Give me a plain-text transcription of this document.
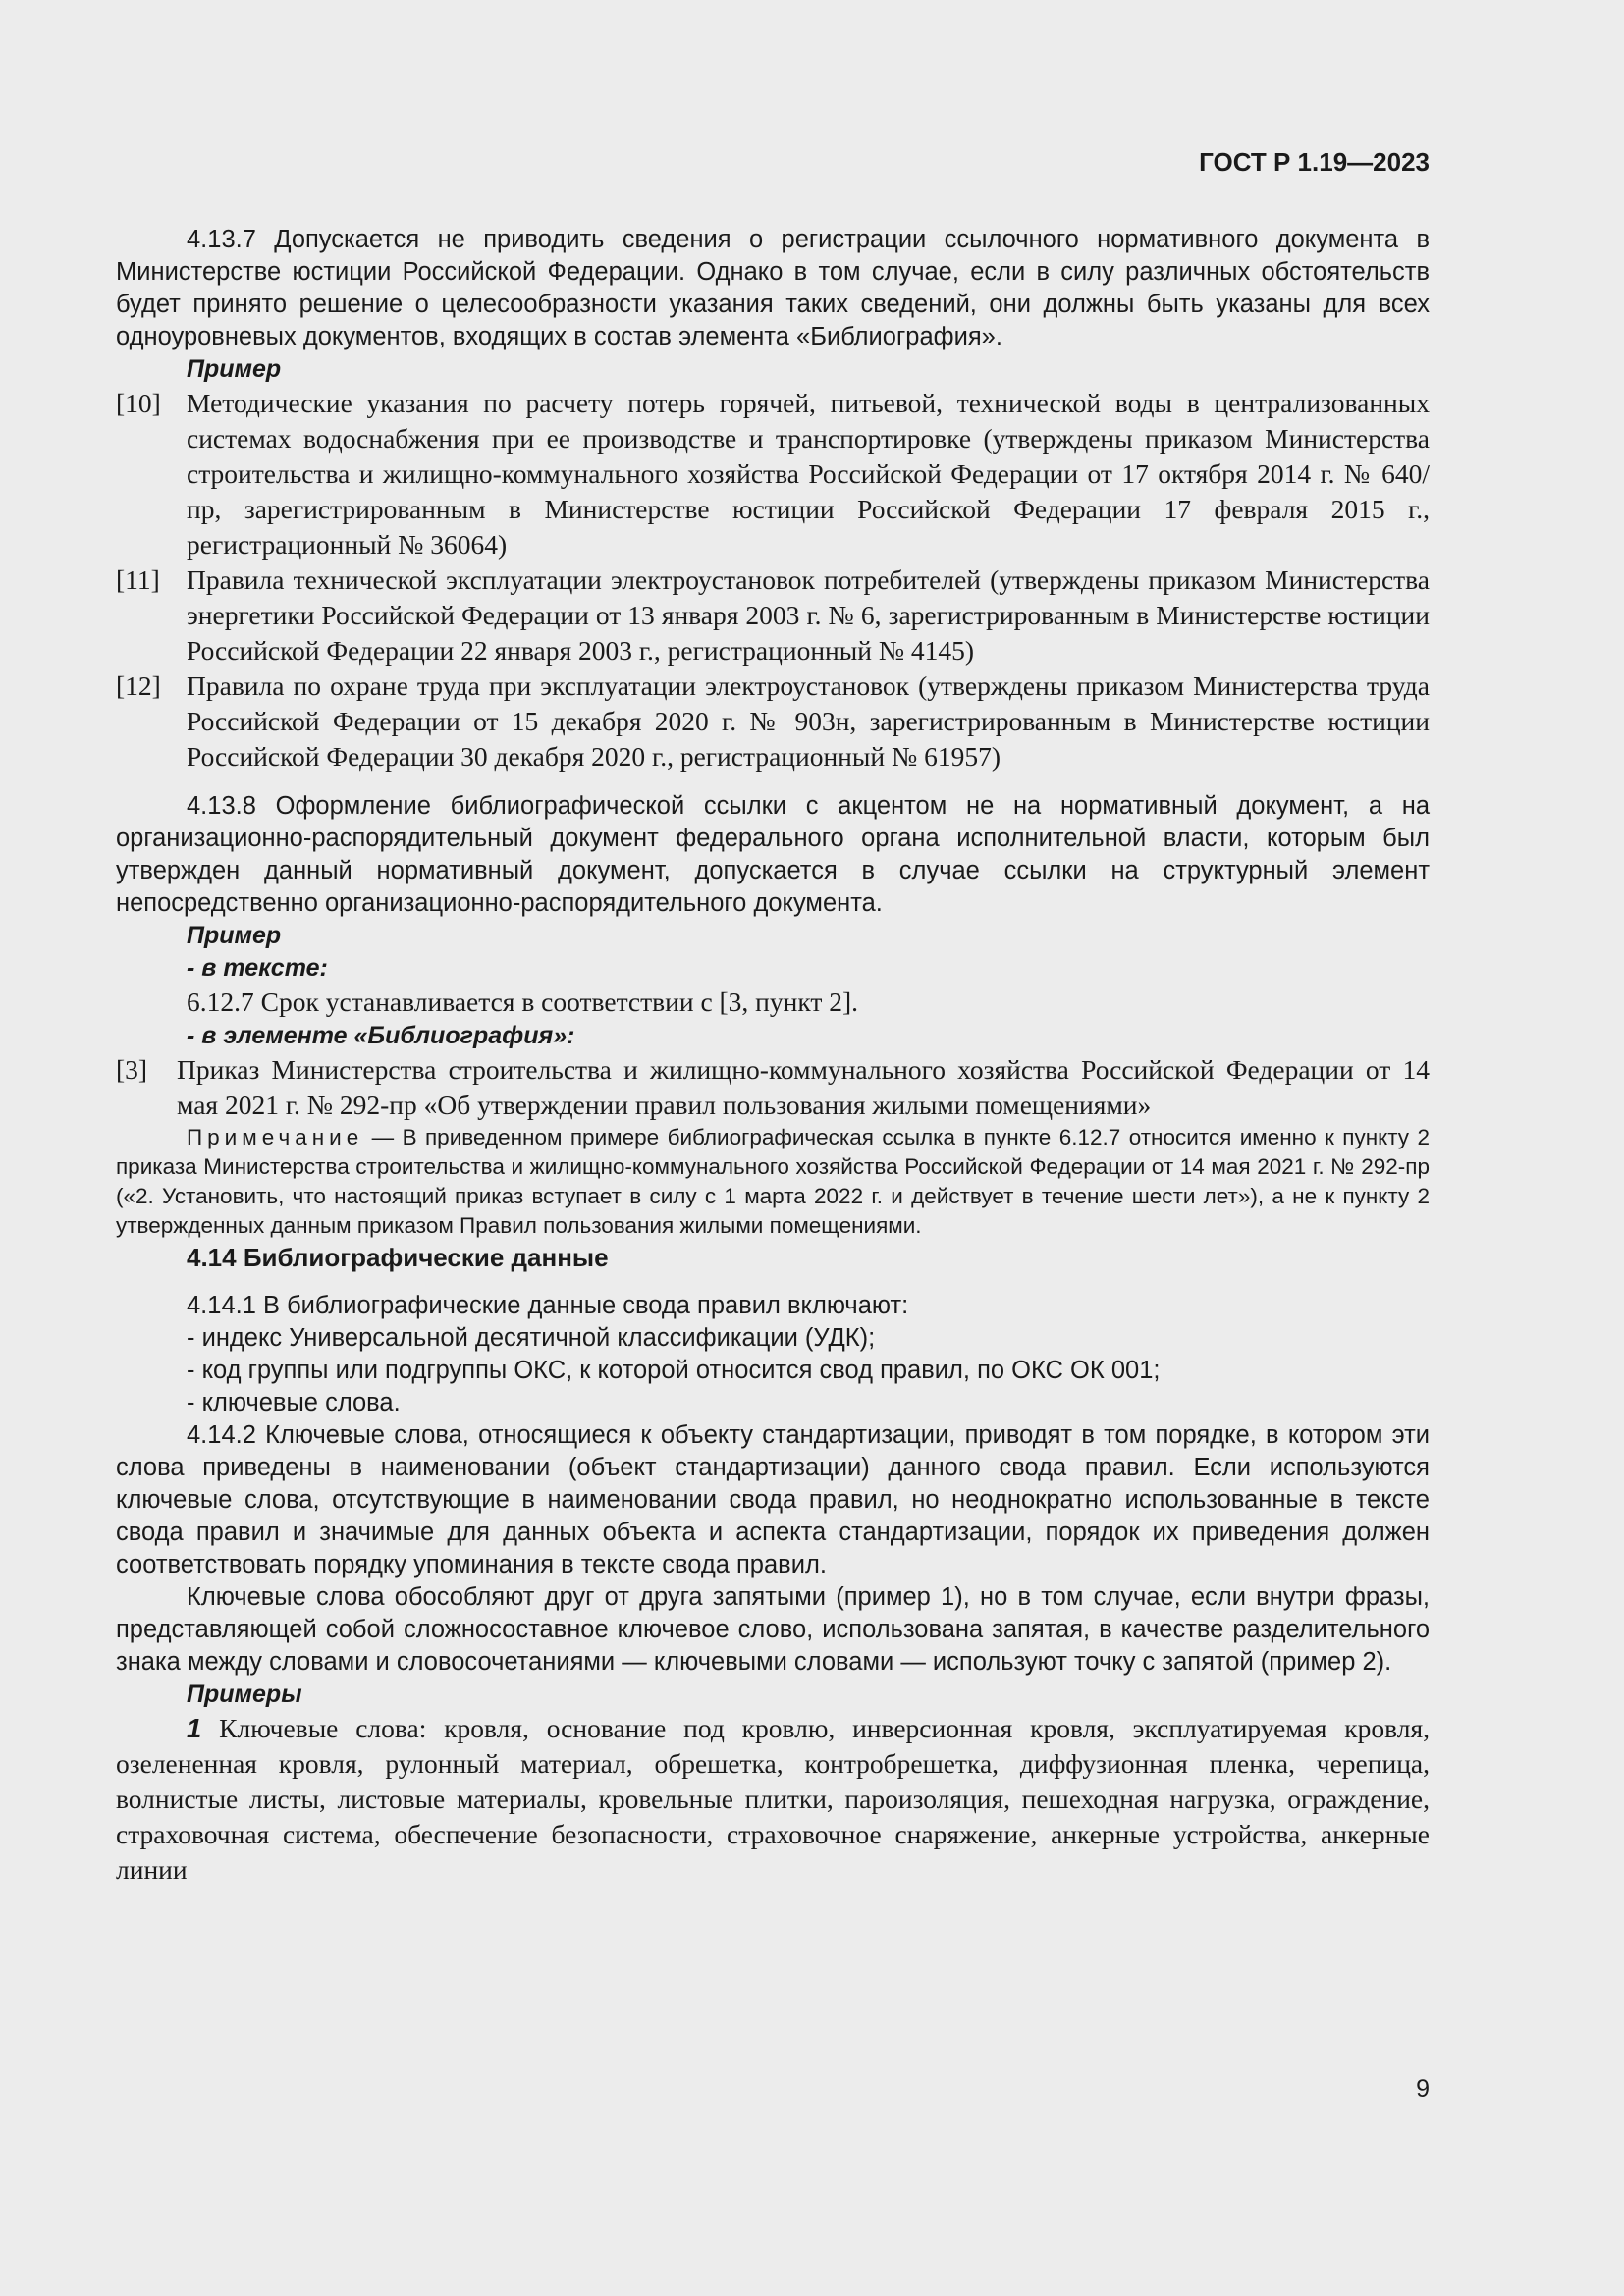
ГОСТ Р 1.19—2023

4.13.7 Допускается не приводить сведения о регистрации ссылочного нормативного документа в Министерстве юстиции Российской Федерации. Однако в том случае, если в силу различных обстоятельств будет принято решение о целесообразности указания таких сведений, они должны быть указаны для всех одноуровневых документов, входящих в состав элемента «Библиография».

Пример

[10] Методические указания по расчету потерь горячей, питьевой, технической воды в централизованных системах водоснабжения при ее производстве и транспортировке (утверждены приказом Министерства строительства и жилищно-коммунального хозяйства Российской Федерации от 17 октября 2014 г. № 640/пр, зарегистрированным в Министерстве юстиции Российской Федерации 17 февраля 2015 г., регистрационный № 36064)
[11] Правила технической эксплуатации электроустановок потребителей (утверждены приказом Министерства энергетики Российской Федерации от 13 января 2003 г. № 6, зарегистрированным в Министерстве юстиции Российской Федерации 22 января 2003 г., регистрационный № 4145)
[12] Правила по охране труда при эксплуатации электроустановок (утверждены приказом Министерства труда Российской Федерации от 15 декабря 2020 г. № 903н, зарегистрированным в Министерстве юстиции Российской Федерации 30 декабря 2020 г., регистрационный № 61957)

4.13.8 Оформление библиографической ссылки с акцентом не на нормативный документ, а на организационно-распорядительный документ федерального органа исполнительной власти, которым был утвержден данный нормативный документ, допускается в случае ссылки на структурный элемент непосредственно организационно-распорядительного документа.

Пример

- в тексте:

6.12.7 Срок устанавливается в соответствии с [3, пункт 2].

- в элементе «Библиография»:

[3]	Приказ Министерства строительства и жилищно-коммунального хозяйства Российской Федерации от 14 мая 2021 г. № 292-пр «Об утверждении правил пользования жилыми помещениями»

Примечание — В приведенном примере библиографическая ссылка в пункте 6.12.7 относится именно к пункту 2 приказа Министерства строительства и жилищно-коммунального хозяйства Российской Федерации от 14 мая 2021 г. № 292-пр («2. Установить, что настоящий приказ вступает в силу с 1 марта 2022 г. и действует в течение шести лет»), а не к пункту 2 утвержденных данным приказом Правил пользования жилыми помещениями.

4.14 Библиографические данные

4.14.1 В библиографические данные свода правил включают:

- индекс Универсальной десятичной классификации (УДК);

- код группы или подгруппы ОКС, к которой относится свод правил, по ОКС ОК 001;

- ключевые слова.

4.14.2 Ключевые слова, относящиеся к объекту стандартизации, приводят в том порядке, в котором эти слова приведены в наименовании (объект стандартизации) данного свода правил. Если используются ключевые слова, отсутствующие в наименовании свода правил, но неоднократно использованные в тексте свода правил и значимые для данных объекта и аспекта стандартизации, порядок их приведения должен соответствовать порядку упоминания в тексте свода правил.

Ключевые слова обособляют друг от друга запятыми (пример 1), но в том случае, если внутри фразы, представляющей собой сложносоставное ключевое слово, использована запятая, в качестве разделительного знака между словами и словосочетаниями — ключевыми словами — используют точку с запятой (пример 2).

Примеры

1 Ключевые слова: кровля, основание под кровлю, инверсионная кровля, эксплуатируемая кровля, озелененная кровля, рулонный материал, обрешетка, контробрешетка, диффузионная пленка, черепица, волнистые листы, листовые материалы, кровельные плитки, пароизоляция, пешеходная нагрузка, ограждение, страховочная система, обеспечение безопасности, страховочное снаряжение, анкерные устройства, анкерные линии

9
